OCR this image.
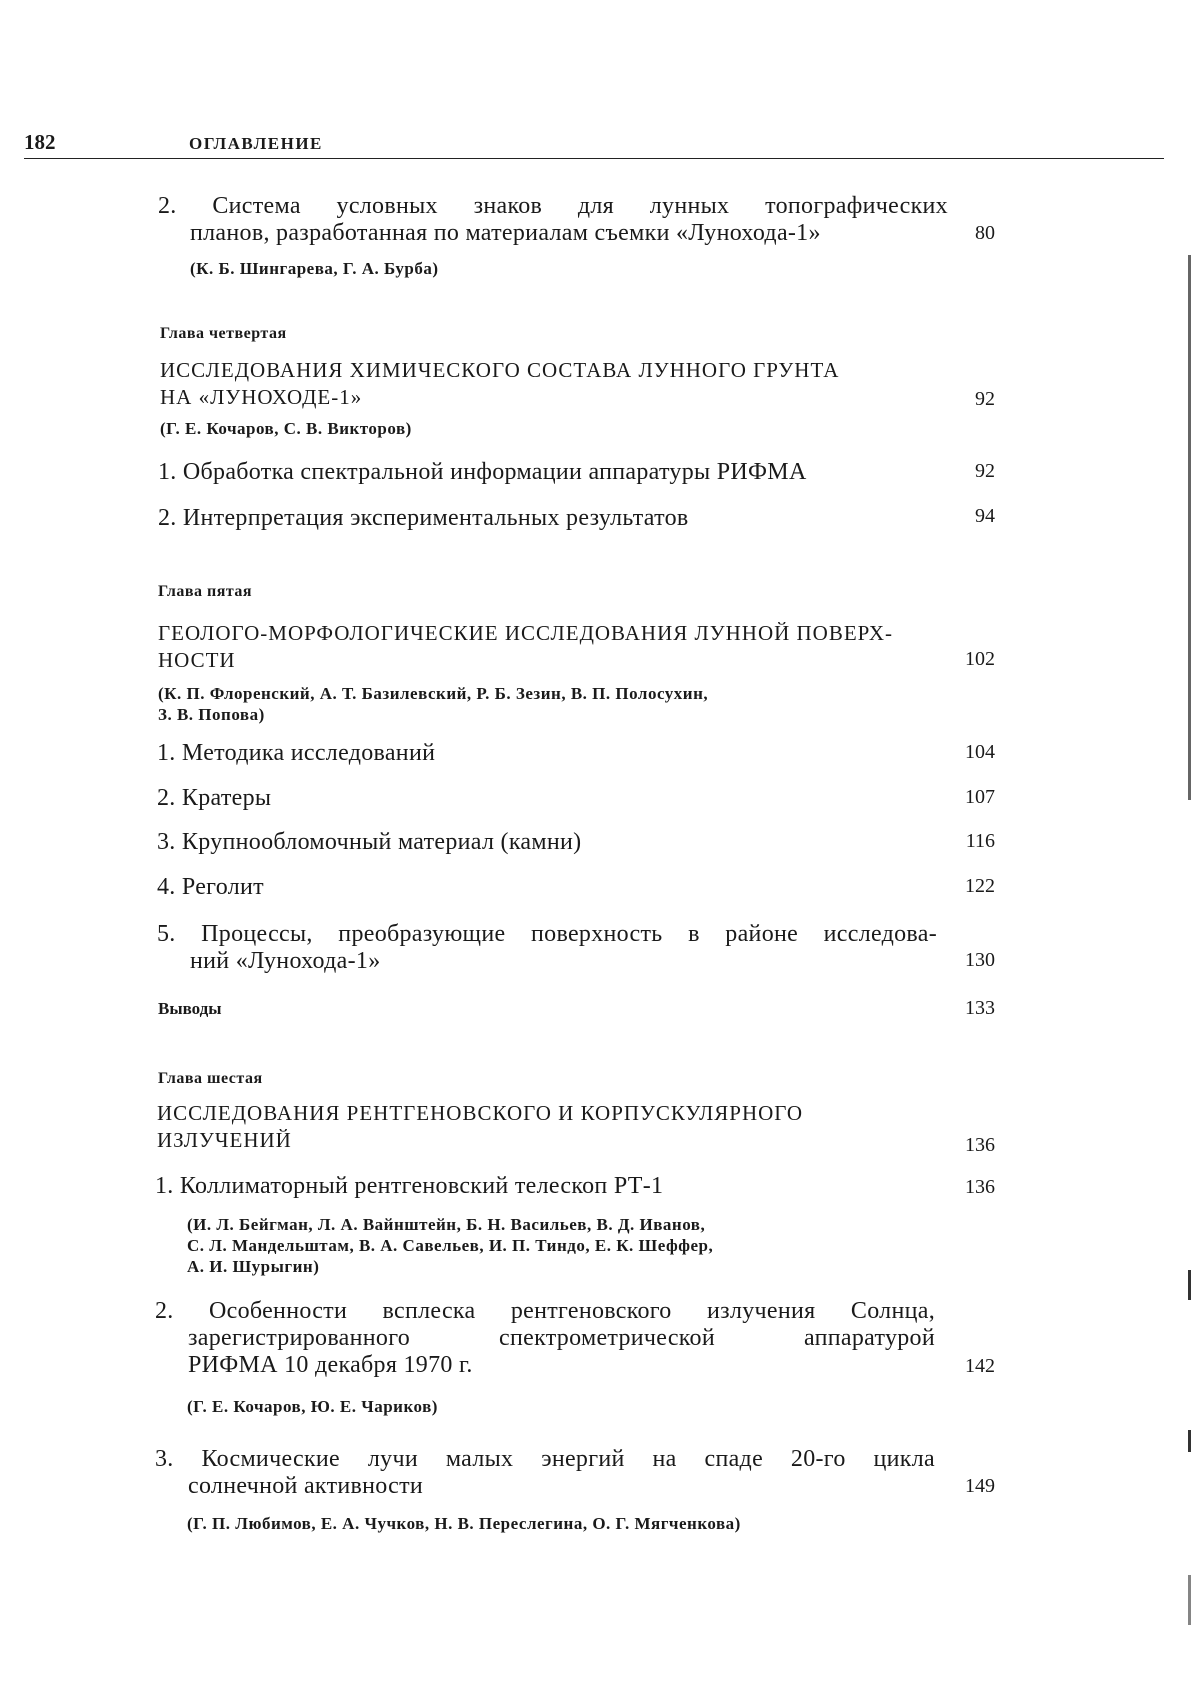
182	ОГЛАВЛЕНИЕ
2. Система условных знаков для лунных топографических
планов, разработанная по материалам съемки «Лунохода-1»	80
(К. Б. Шингарева, Г. А. Бурба)
Глава четвертая
ИССЛЕДОВАНИЯ ХИМИЧЕСКОГО СОСТАВА ЛУННОГО ГРУНТА
НА «ЛУНОХОДЕ-1»	92
(Г. Е. Кочаров, С. В. Викторов)
1. Обработка спектральной информации аппаратуры РИФМА	92
2. Интерпретация экспериментальных результатов	94
Глава пятая
ГЕОЛОГО-МОРФОЛОГИЧЕСКИЕ ИССЛЕДОВАНИЯ ЛУННОЙ ПОВЕРХ-
НОСТИ	102
(К. П. Флоренский, А. Т. Базилевский, Р. Б. Зезин, В. П. Полосухин,
З. В. Попова)
1. Методика исследований	104
2. Кратеры	107
3. Крупнообломочный материал (камни)	116
4. Реголит	122
5. Процессы, преобразующие поверхность в районе исследова-
ний «Лунохода-1»	130
Выводы	133
Глава шестая
ИССЛЕДОВАНИЯ РЕНТГЕНОВСКОГО И КОРПУСКУЛЯРНОГО
ИЗЛУЧЕНИЙ	136
1. Коллиматорный рентгеновский телескоп РТ-1	136
(И. Л. Бейгман, Л. А. Вайнштейн, Б. Н. Васильев, В. Д. Иванов,
С. Л. Мандельштам, В. А. Савельев, И. П. Тиндо, Е. К. Шеффер,
А. И. Шурыгин)
2. Особенности всплеска рентгеновского излучения Солнца,
зарегистрированного спектрометрической аппаратурой
РИФМА 10 декабря 1970 г.	142
(Г. Е. Кочаров, Ю. Е. Чариков)
3. Космические лучи малых энергий на спаде 20-го цикла
солнечной активности	149
(Г. П. Любимов, Е. А. Чучков, Н. В. Переслегина, О. Г. Мягченкова)
